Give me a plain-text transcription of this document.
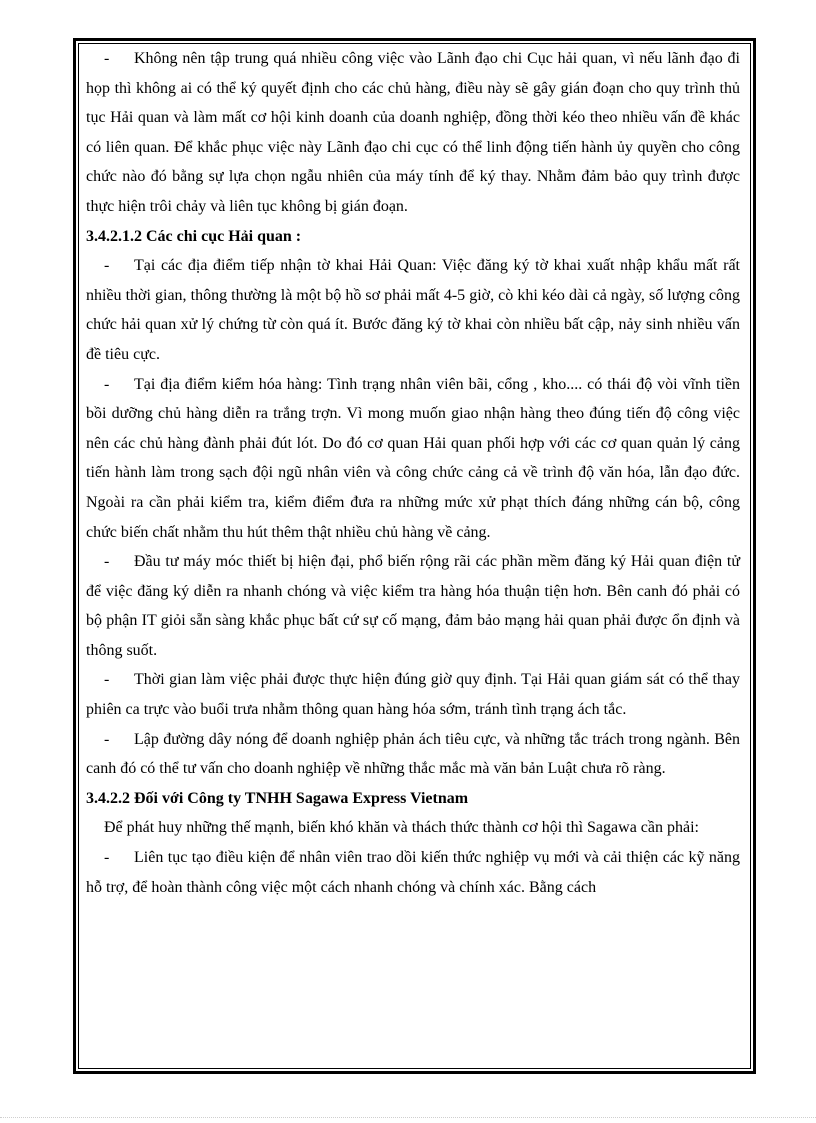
- Không nên tập trung quá nhiều công việc vào Lãnh đạo chi Cục hải quan, vì nếu lãnh đạo đi họp thì không ai có thể ký quyết định cho các chủ hàng, điều này sẽ gây gián đoạn cho quy trình thủ tục Hải quan và làm mất cơ hội kinh doanh của doanh nghiệp, đồng thời kéo theo nhiều vấn đề khác có liên quan. Để khắc phục việc này Lãnh đạo chi cục có thể linh động tiến hành ủy quyền cho công chức nào đó bằng sự lựa chọn ngẫu nhiên của máy tính để ký thay. Nhằm đảm bảo quy trình được thực hiện trôi chảy và liên tục không bị gián đoạn.

3.4.2.1.2 Các chi cục Hải quan :

- Tại các địa điểm tiếp nhận tờ khai Hải Quan: Việc đăng ký tờ khai xuất nhập khẩu mất rất nhiều thời gian, thông thường là một bộ hồ sơ phải mất 4-5 giờ, cò khi kéo dài cả ngày, số lượng công chức hải quan xử lý chứng từ còn quá ít. Bước đăng ký tờ khai còn nhiều bất cập, nảy sinh nhiều vấn đề tiêu cực.

- Tại địa điểm kiểm hóa hàng: Tình trạng nhân viên bãi, cổng , kho.... có thái độ vòi vĩnh tiền bồi dưỡng chủ hàng diễn ra trắng trợn. Vì mong muốn giao nhận hàng theo đúng tiến độ công việc nên các chủ hàng đành phải đút lót. Do đó cơ quan Hải quan phối hợp với các cơ quan quản lý cảng tiến hành làm trong sạch đội ngũ nhân viên và công chức cảng cả về trình độ văn hóa, lẫn đạo đức. Ngoài ra cần phải kiểm tra, kiểm điểm đưa ra những mức xử phạt thích đáng những cán bộ, công chức biến chất nhằm thu hút thêm thật nhiều chủ hàng về cảng.

- Đầu tư máy móc thiết bị hiện đại, phổ biến rộng rãi các phần mềm đăng ký Hải quan điện tử để việc đăng ký diễn ra nhanh chóng và việc kiểm tra hàng hóa thuận tiện hơn. Bên canh đó phải có bộ phận IT giỏi sẵn sàng khắc phục bất cứ sự cố mạng, đảm bảo mạng hải quan phải được ổn định và thông suốt.

- Thời gian làm việc phải được thực hiện đúng giờ quy định. Tại Hải quan giám sát có thể thay phiên ca trực vào buổi trưa nhằm thông quan hàng hóa sớm, tránh tình trạng ách tắc.

- Lập đường dây nóng để doanh nghiệp phản ách tiêu cực, và những tắc trách trong ngành. Bên canh đó có thể tư vấn cho doanh nghiệp về những thắc mắc mà văn bản Luật chưa rõ ràng.

3.4.2.2 Đối với Công ty TNHH Sagawa Express Vietnam

Để phát huy những thế mạnh, biến khó khăn và thách thức thành cơ hội thì Sagawa cần phải:

- Liên tục tạo điều kiện để nhân viên trao dồi kiến thức nghiệp vụ mới và cải thiện các kỹ năng hỗ trợ, để hoàn thành công việc một cách nhanh chóng và chính xác. Bằng cách
